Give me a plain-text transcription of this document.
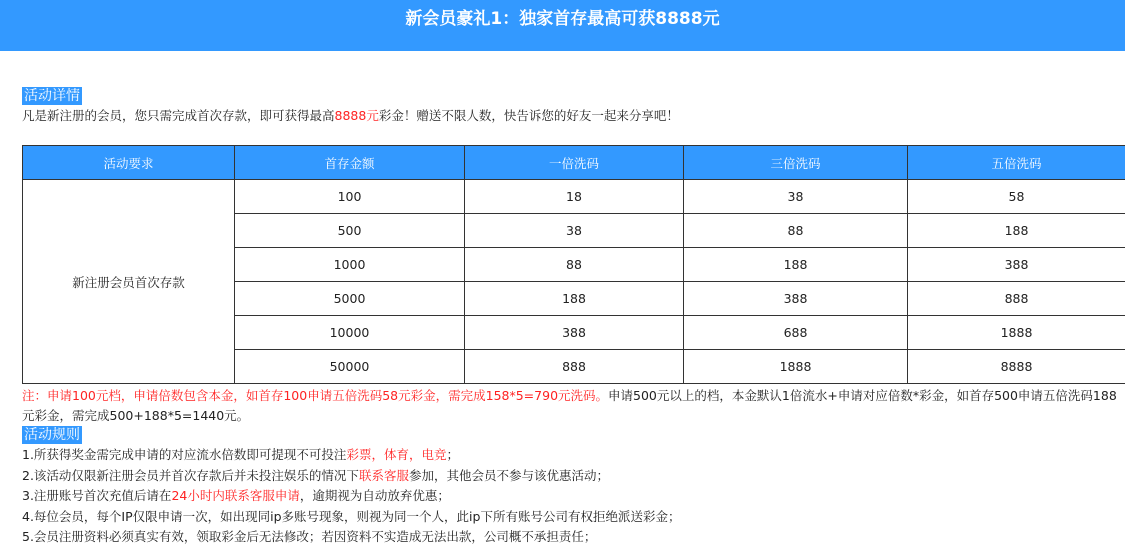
新会员豪礼1：独家首存最高可获8888元
活动详情
凡是新注册的会员，您只需完成首次存款，即可获得最高8888元彩金！赠送不限人数，快告诉您的好友一起来分享吧！
活动要求	首存金额	一倍洗码	三倍洗码	五倍洗码
新注册会员首次存款	100	18	38	58
	500	38	88	188
	1000	88	188	388
	5000	188	388	888
	10000	388	688	1888
	50000	888	1888	8888
注：申请100元档，申请倍数包含本金，如首存100申请五倍洗码58元彩金，需完成158*5=790元洗码。申请500元以上的档，本金默认1倍流水+申请对应倍数*彩金，如首存500申请五倍洗码188元彩金，需完成500+188*5=1440元。
活动规则
1.所获得奖金需完成申请的对应流水倍数即可提现不可投注彩票，体育，电竞；
2.该活动仅限新注册会员并首次存款后并未投注娱乐的情况下联系客服参加，其他会员不参与该优惠活动；
3.注册账号首次充值后请在24小时内联系客服申请，逾期视为自动放弃优惠；
4.每位会员，每个IP仅限申请一次，如出现同ip多账号现象，则视为同一个人，此ip下所有账号公司有权拒绝派送彩金；
5.会员注册资料必须真实有效，领取彩金后无法修改；若因资料不实造成无法出款，公司概不承担责任；
